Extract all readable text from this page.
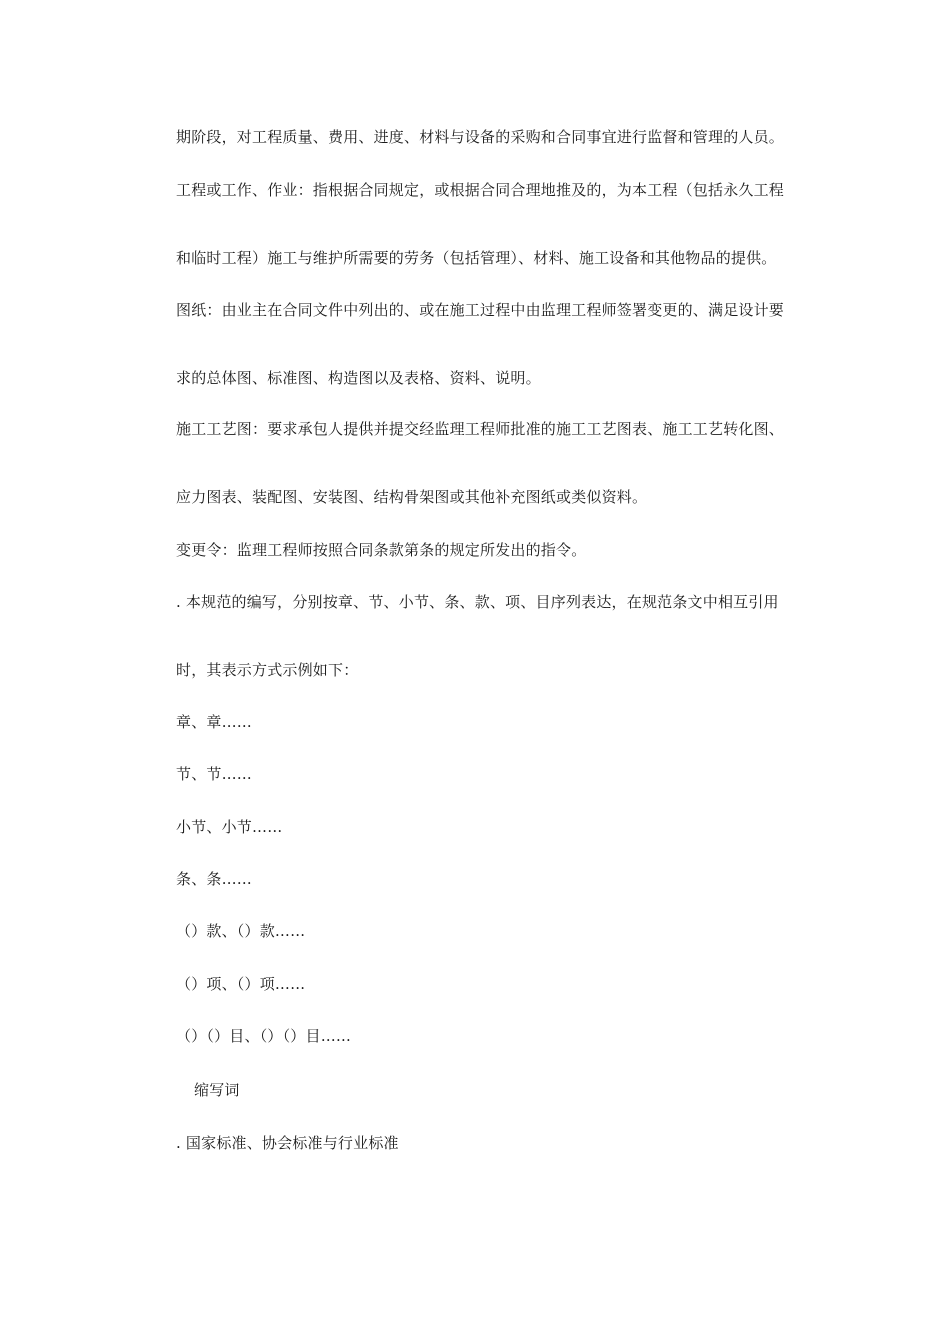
期阶段，对工程质量、费用、进度、材料与设备的采购和合同事宜进行监督和管理的人员。
工程或工作、作业：指根据合同规定，或根据合同合理地推及的，为本工程（包括永久工程
和临时工程）施工与维护所需要的劳务（包括管理）、材料、施工设备和其他物品的提供。
图纸：由业主在合同文件中列出的、或在施工过程中由监理工程师签署变更的、满足设计要
求的总体图、标准图、构造图以及表格、资料、说明。
施工工艺图：要求承包人提供并提交经监理工程师批准的施工工艺图表、施工工艺转化图、
应力图表、装配图、安装图、结构骨架图或其他补充图纸或类似资料。
变更令：监理工程师按照合同条款第条的规定所发出的指令。
. 本规范的编写，分别按章、节、小节、条、款、项、目序列表达，在规范条文中相互引用
时，其表示方式示例如下：
章、章……
节、节……
小节、小节……
条、条……
（）款、（）款……
（）项、（）项……
（）（）目、（）（）目……
缩写词
. 国家标准、协会标准与行业标准
